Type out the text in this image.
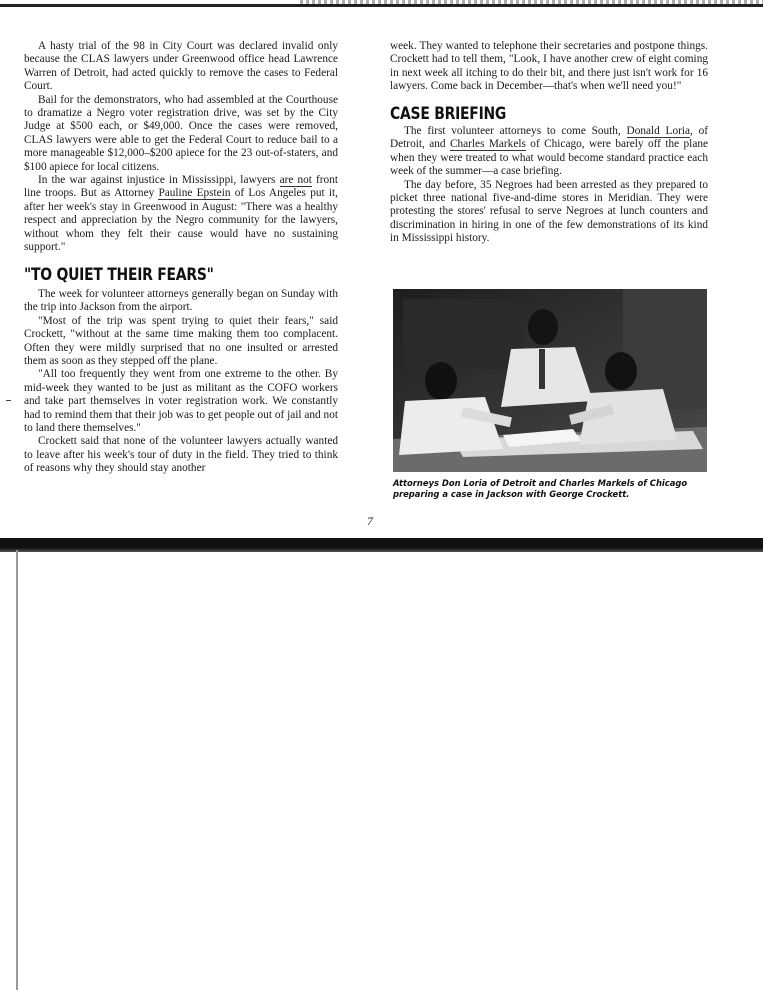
A hasty trial of the 98 in City Court was declared invalid only because the CLAS lawyers under Greenwood office head Lawrence Warren of Detroit, had acted quickly to remove the cases to Federal Court.

Bail for the demonstrators, who had assembled at the Courthouse to dramatize a Negro voter registration drive, was set by the City Judge at $500 each, or $49,000. Once the cases were removed, CLAS lawyers were able to get the Federal Court to reduce bail to a more manageable $12,000–$200 apiece for the 23 out-of-staters, and $100 apiece for local citizens.

In the war against injustice in Mississippi, lawyers are not front line troops. But as Attorney Pauline Epstein of Los Angeles put it, after her week's stay in Greenwood in August: "There was a healthy respect and appreciation by the Negro community for the lawyers, without whom they felt their cause would have no sustaining support."

"TO QUIET THEIR FEARS"

The week for volunteer attorneys generally began on Sunday with the trip into Jackson from the airport.

"Most of the trip was spent trying to quiet their fears," said Crockett, "without at the same time making them too complacent. Often they were mildly surprised that no one insulted or arrested them as soon as they stepped off the plane.

"All too frequently they went from one extreme to the other. By mid-week they wanted to be just as militant as the COFO workers and take part themselves in voter registration work. We constantly had to remind them that their job was to get people out of jail and not to land there themselves."

Crockett said that none of the volunteer lawyers actually wanted to leave after his week's tour of duty in the field. They tried to think of reasons why they should stay another

week. They wanted to telephone their secretaries and postpone things. Crockett had to tell them, "Look, I have another crew of eight coming in next week all itching to do their bit, and there just isn't work for 16 lawyers. Come back in December—that's when we'll need you!"

CASE BRIEFING

The first volunteer attorneys to come South, Donald Loria, of Detroit, and Charles Markels of Chicago, were barely off the plane when they were treated to what would become standard practice each week of the summer—a case briefing.

The day before, 35 Negroes had been arrested as they prepared to picket three national five-and-dime stores in Meridian. They were protesting the stores' refusal to serve Negroes at lunch counters and discrimination in hiring in one of the few demonstrations of its kind in Mississippi history.

Attorneys Don Loria of Detroit and Charles Markels of Chicago preparing a case in Jackson with George Crockett.
7
